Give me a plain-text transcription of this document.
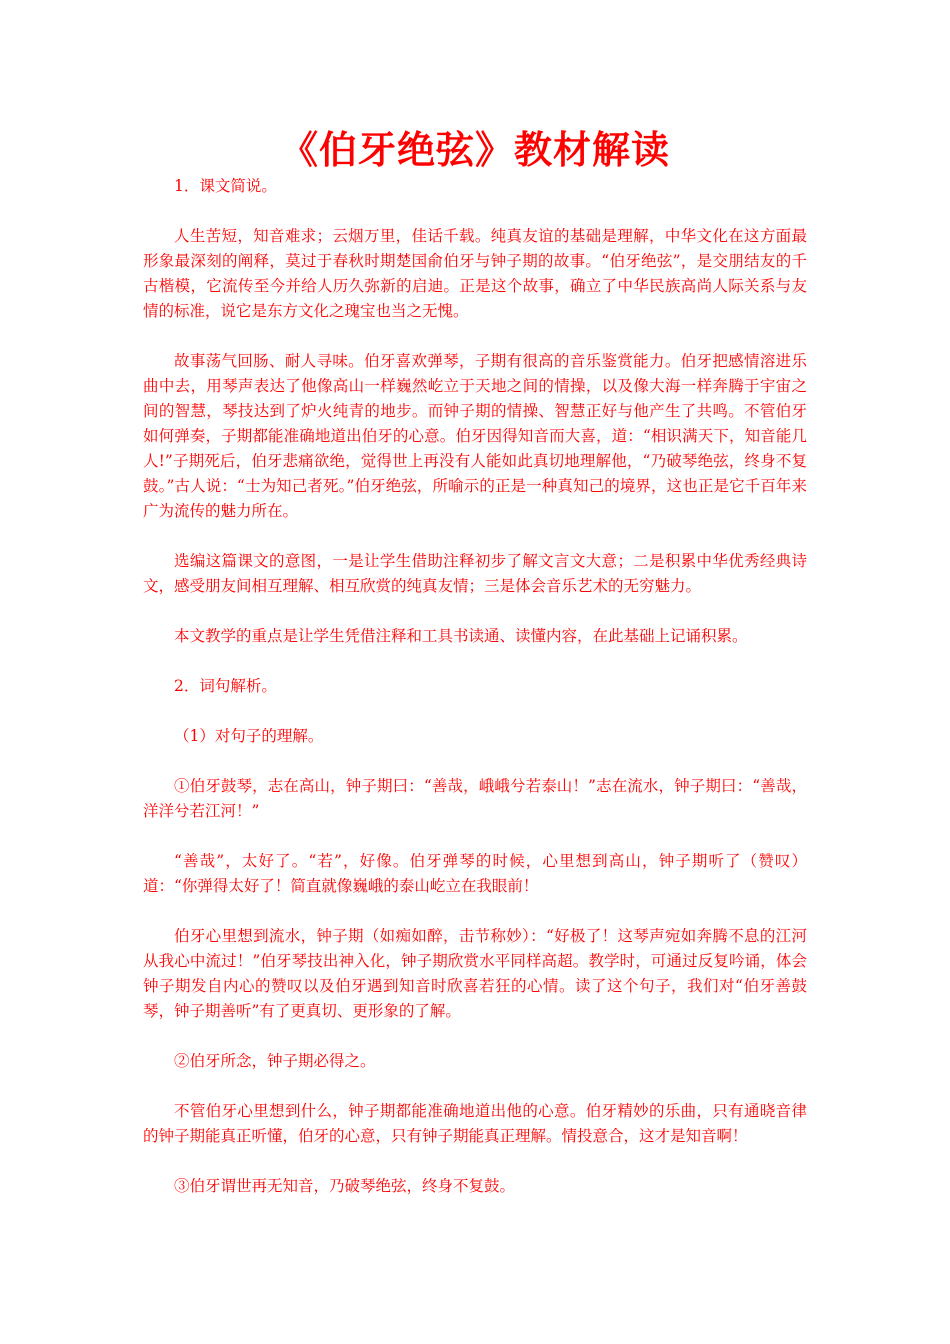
《伯牙绝弦》教材解读

1．课文简说。

人生苦短，知音难求；云烟万里，佳话千载。纯真友谊的基础是理解，中华文化在这方面最形象最深刻的阐释，莫过于春秋时期楚国俞伯牙与钟子期的故事。“伯牙绝弦”，是交朋结友的千古楷模，它流传至今并给人历久弥新的启迪。正是这个故事，确立了中华民族高尚人际关系与友情的标准，说它是东方文化之瑰宝也当之无愧。

故事荡气回肠、耐人寻味。伯牙喜欢弹琴，子期有很高的音乐鉴赏能力。伯牙把感情溶进乐曲中去，用琴声表达了他像高山一样巍然屹立于天地之间的情操，以及像大海一样奔腾于宇宙之间的智慧，琴技达到了炉火纯青的地步。而钟子期的情操、智慧正好与他产生了共鸣。不管伯牙如何弹奏，子期都能准确地道出伯牙的心意。伯牙因得知音而大喜，道：“相识满天下，知音能几人!”子期死后，伯牙悲痛欲绝，觉得世上再没有人能如此真切地理解他，“乃破琴绝弦，终身不复鼓。”古人说：“士为知己者死。”伯牙绝弦，所喻示的正是一种真知己的境界，这也正是它千百年来广为流传的魅力所在。

选编这篇课文的意图，一是让学生借助注释初步了解文言文大意；二是积累中华优秀经典诗文，感受朋友间相互理解、相互欣赏的纯真友情；三是体会音乐艺术的无穷魅力。

本文教学的重点是让学生凭借注释和工具书读通、读懂内容，在此基础上记诵积累。

2．词句解析。

（1）对句子的理解。

①伯牙鼓琴，志在高山，钟子期曰：“善哉，峨峨兮若泰山！”志在流水，钟子期曰：“善哉，洋洋兮若江河！”

“善哉”，太好了。“若”，好像。伯牙弹琴的时候，心里想到高山，钟子期听了（赞叹）道：“你弹得太好了！简直就像巍峨的泰山屹立在我眼前！

伯牙心里想到流水，钟子期（如痴如醉，击节称妙）：“好极了！这琴声宛如奔腾不息的江河从我心中流过！”伯牙琴技出神入化，钟子期欣赏水平同样高超。教学时，可通过反复吟诵，体会钟子期发自内心的赞叹以及伯牙遇到知音时欣喜若狂的心情。读了这个句子，我们对“伯牙善鼓琴，钟子期善听”有了更真切、更形象的了解。

②伯牙所念，钟子期必得之。

不管伯牙心里想到什么，钟子期都能准确地道出他的心意。伯牙精妙的乐曲，只有通晓音律的钟子期能真正听懂，伯牙的心意，只有钟子期能真正理解。情投意合，这才是知音啊！

③伯牙谓世再无知音，乃破琴绝弦，终身不复鼓。
